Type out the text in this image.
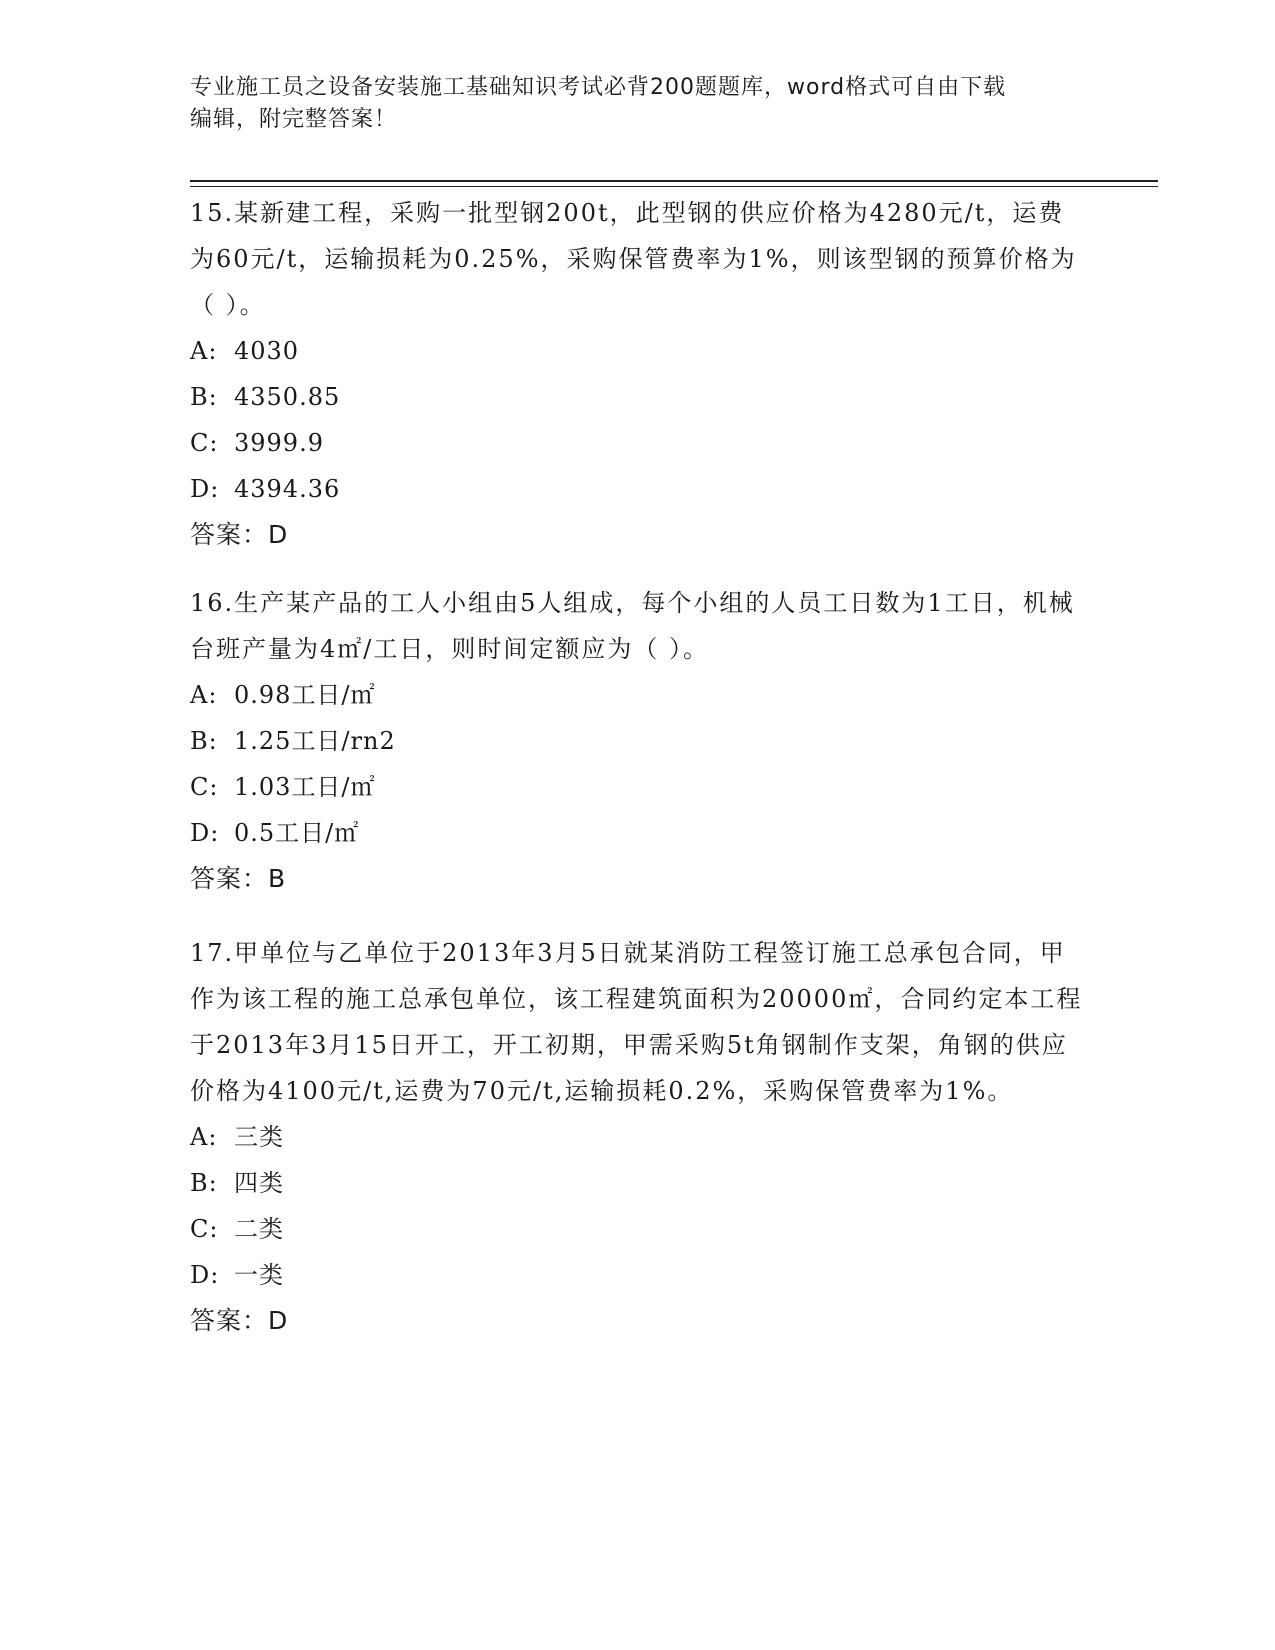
专业施工员之设备安装施工基础知识考试必背200题题库，word格式可自由下载
编辑，附完整答案！

15.某新建工程，采购一批型钢200t，此型钢的供应价格为4280元/t，运费为60元/t，运输损耗为0.25%，采购保管费率为1%，则该型钢的预算价格为（ ）。

A: 4030

B: 4350.85

C: 3999.9

D: 4394.36

答案：D

16.生产某产品的工人小组由5人组成，每个小组的人员工日数为1工日，机械台班产量为4㎡/工日，则时间定额应为（ ）。

A: 0.98工日/㎡

B: 1.25工日/rn2

C: 1.03工日/㎡

D: 0.5工日/㎡

答案：B

17.甲单位与乙单位于2013年3月5日就某消防工程签订施工总承包合同，甲作为该工程的施工总承包单位，该工程建筑面积为20000㎡，合同约定本工程于2013年3月15日开工，开工初期，甲需采购5t角钢制作支架，角钢的供应价格为4100元/t,运费为70元/t,运输损耗0.2%，采购保管费率为1%。

A: 三类

B: 四类

C: 二类

D: 一类

答案：D
